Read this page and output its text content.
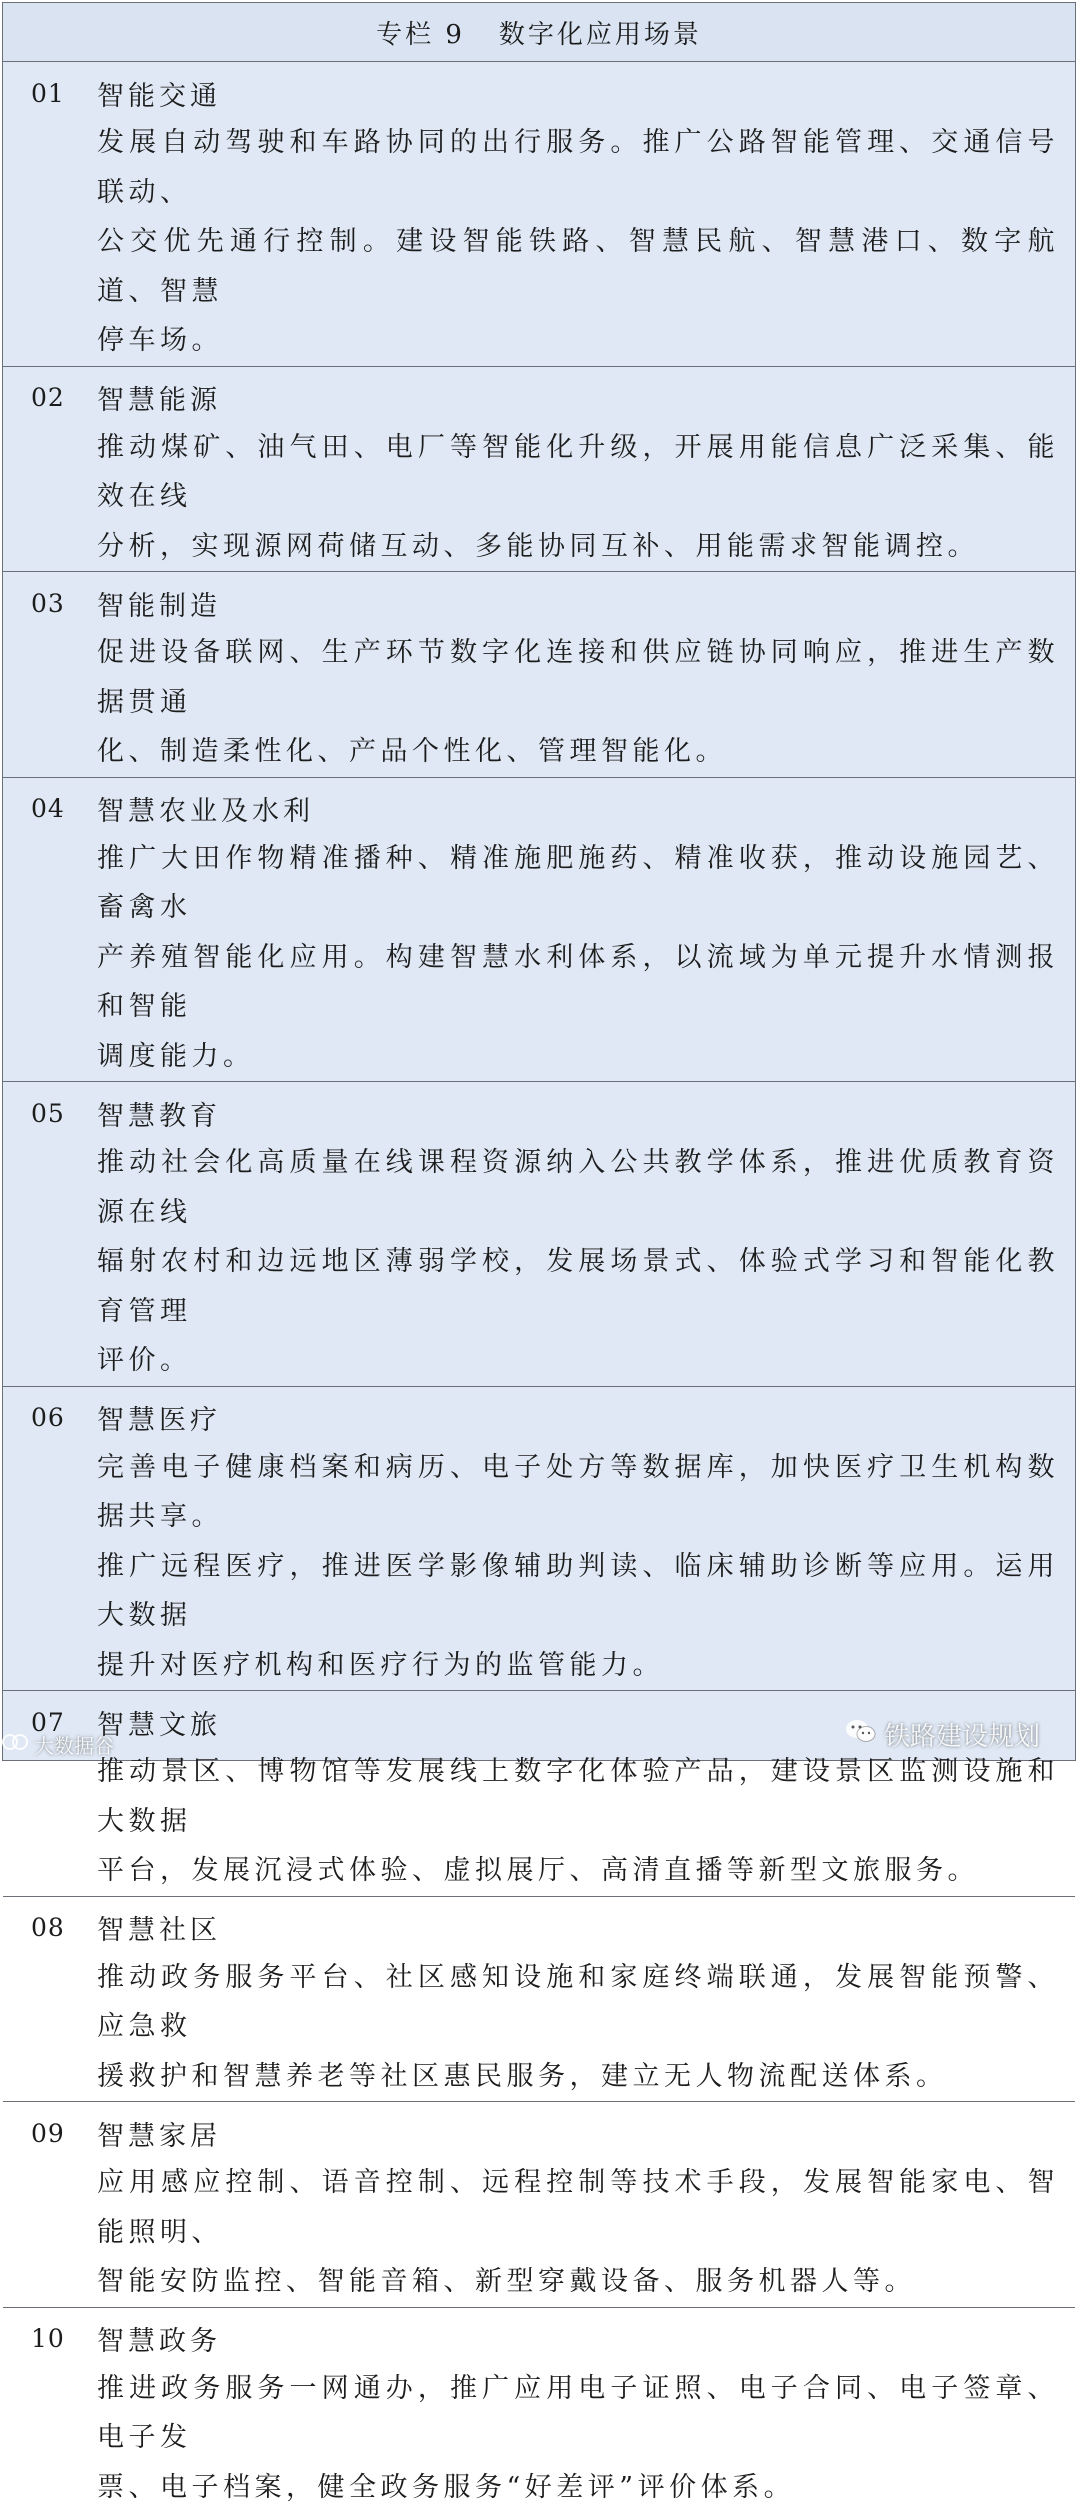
专栏 9 数字化应用场景
01	智能交通
发展自动驾驶和车路协同的出行服务。推广公路智能管理、交通信号联动、
公交优先通行控制。建设智能铁路、智慧民航、智慧港口、数字航道、智慧
停车场。
02	智慧能源
推动煤矿、油气田、电厂等智能化升级，开展用能信息广泛采集、能效在线
分析，实现源网荷储互动、多能协同互补、用能需求智能调控。
03	智能制造
促进设备联网、生产环节数字化连接和供应链协同响应，推进生产数据贯通
化、制造柔性化、产品个性化、管理智能化。
04	智慧农业及水利
推广大田作物精准播种、精准施肥施药、精准收获，推动设施园艺、畜禽水
产养殖智能化应用。构建智慧水利体系，以流域为单元提升水情测报和智能
调度能力。
05	智慧教育
推动社会化高质量在线课程资源纳入公共教学体系，推进优质教育资源在线
辐射农村和边远地区薄弱学校，发展场景式、体验式学习和智能化教育管理
评价。
06	智慧医疗
完善电子健康档案和病历、电子处方等数据库，加快医疗卫生机构数据共享。
推广远程医疗，推进医学影像辅助判读、临床辅助诊断等应用。运用大数据
提升对医疗机构和医疗行为的监管能力。
07	智慧文旅
推动景区、博物馆等发展线上数字化体验产品，建设景区监测设施和大数据
平台，发展沉浸式体验、虚拟展厅、高清直播等新型文旅服务。
08	智慧社区
推动政务服务平台、社区感知设施和家庭终端联通，发展智能预警、应急救
援救护和智慧养老等社区惠民服务，建立无人物流配送体系。
09	智慧家居
应用感应控制、语音控制、远程控制等技术手段，发展智能家电、智能照明、
智能安防监控、智能音箱、新型穿戴设备、服务机器人等。
10	智慧政务
推进政务服务一网通办，推广应用电子证照、电子合同、电子签章、电子发
票、电子档案，健全政务服务“好差评”评价体系。
大数据谷	铁路建设规划
